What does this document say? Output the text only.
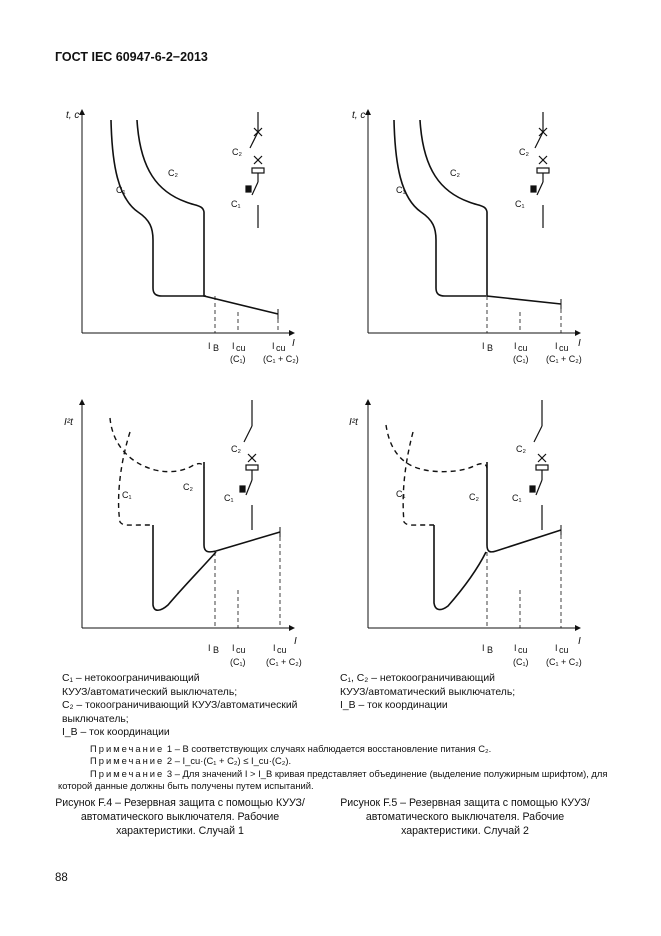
ГОСТ IEC 60947-6-2−2013
t, c
I
C₁
C₂
C₂
C₁
I B I cu	I cu
(C₁) (C₁ + C₂)
t, c
I
C₁
C₂
C₂
C₁
I B I cu	I cu
(C₁) (C₁ + C₂)
I²t
I
C₁
C₂
C₂
C₁
I B I cu	I cu
(C₁) (C₁ + C₂)
I²t
I
C₁	C₂
C₂
C₁
I B I cu	I cu
(C₁) (C₁ + C₂)
C₁ – нетокоограничивающий
КУУЗ/автоматический выключатель;
C₂ – токоограничивающий КУУЗ/автоматический
выключатель;
I_B – ток координации
C₁, C₂ – нетокоограничивающий
КУУЗ/автоматический выключатель;
I_B – ток координации
Примечание 1 – В соответствующих случаях наблюдается восстановление питания C₂.
Примечание 2 – I_cu·(C₁ + C₂) ≤ I_cu·(C₂).
Примечание 3 – Для значений I > I_B кривая представляет объединение (выделение полужирным шрифтом), для которой данные должны быть получены путем испытаний.
Рисунок F.4 – Резервная защита с помощью КУУЗ/автоматического выключателя. Рабочие характеристики. Случай 1
Рисунок F.5 – Резервная защита с помощью КУУЗ/автоматического выключателя. Рабочие характеристики. Случай 2
88
